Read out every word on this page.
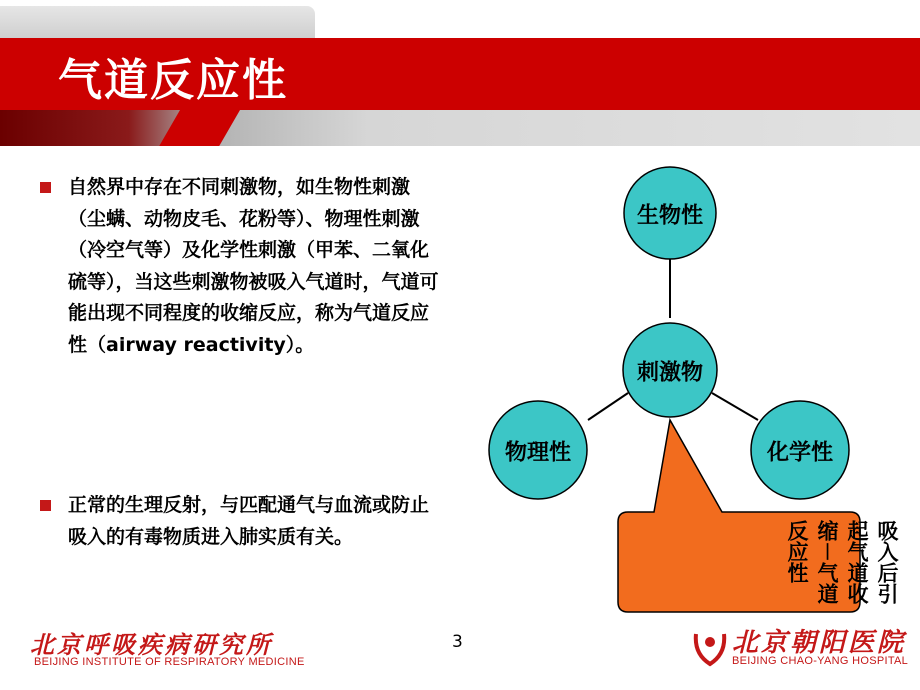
气道反应性
自然界中存在不同刺激物，如生物性刺激（尘螨、动物皮毛、花粉等）、物理性刺激（冷空气等）及化学性刺激（甲苯、二氧化硫等），当这些刺激物被吸入气道时，气道可能出现不同程度的收缩反应，称为气道反应性（airway reactivity）。
正常的生理反射，与匹配通气与血流或防止吸入的有毒物质进入肺实质有关。
生物性
刺激物
物理性	化学性
吸入后引起气道收缩－气道反应性
3
北京呼吸疾病研究所
BEIJING INSTITUTE OF RESPIRATORY MEDICINE
北京朝阳医院
BEIJING CHAO-YANG HOSPITAL
